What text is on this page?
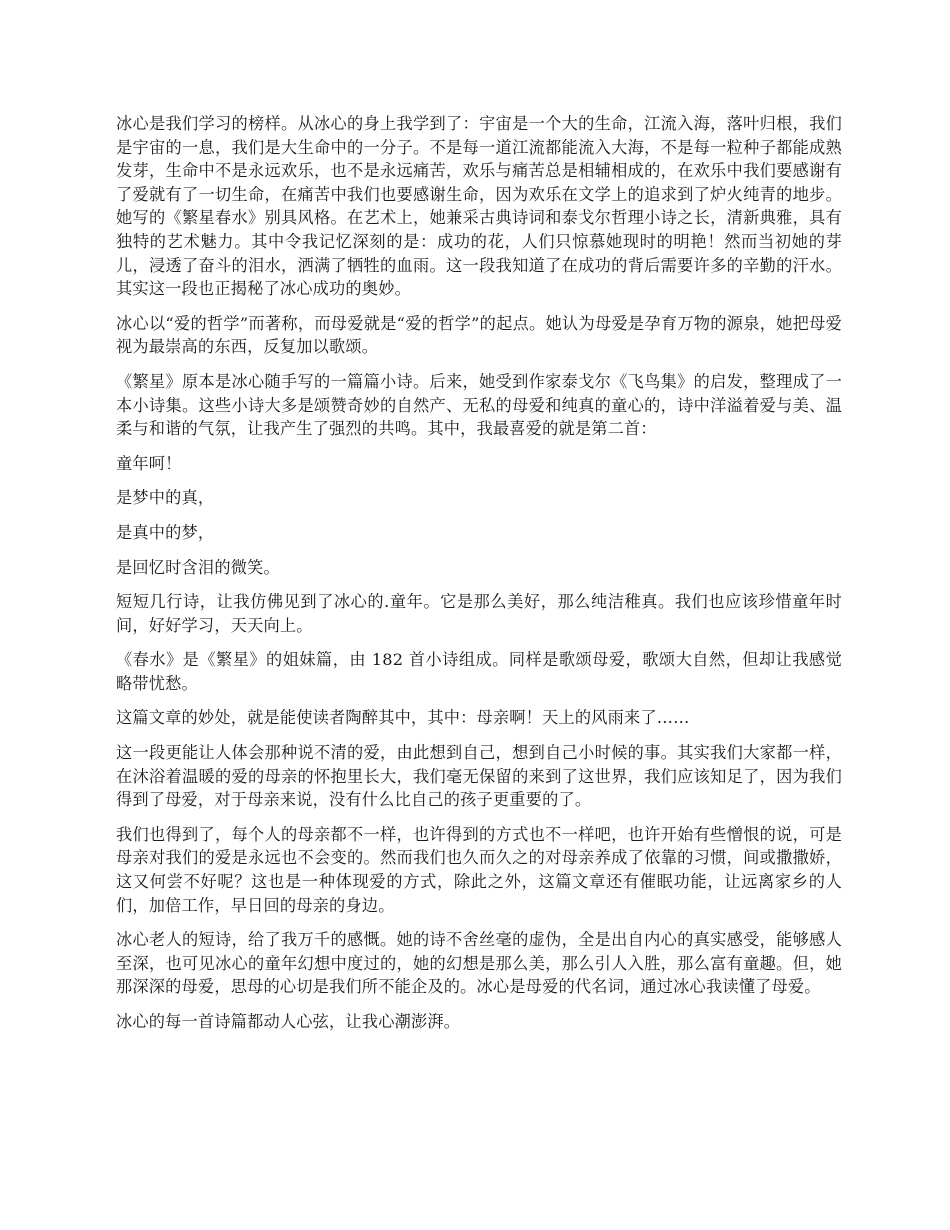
冰心是我们学习的榜样。从冰心的身上我学到了：宇宙是一个大的生命，江流入海，落叶归根，我们是宇宙的一息，我们是大生命中的一分子。不是每一道江流都能流入大海，不是每一粒种子都能成熟发芽，生命中不是永远欢乐，也不是永远痛苦，欢乐与痛苦总是相辅相成的，在欢乐中我们要感谢有了爱就有了一切生命，在痛苦中我们也要感谢生命，因为欢乐在文学上的追求到了炉火纯青的地步。她写的《繁星春水》别具风格。在艺术上，她兼采古典诗词和泰戈尔哲理小诗之长，清新典雅，具有独特的艺术魅力。其中令我记忆深刻的是：成功的花，人们只惊慕她现时的明艳！然而当初她的芽儿，浸透了奋斗的泪水，洒满了牺牲的血雨。这一段我知道了在成功的背后需要许多的辛勤的汗水。其实这一段也正揭秘了冰心成功的奥妙。

冰心以“爱的哲学”而著称，而母爱就是“爱的哲学”的起点。她认为母爱是孕育万物的源泉，她把母爱视为最崇高的东西，反复加以歌颂。

《繁星》原本是冰心随手写的一篇篇小诗。后来，她受到作家泰戈尔《飞鸟集》的启发，整理成了一本小诗集。这些小诗大多是颂赞奇妙的自然产、无私的母爱和纯真的童心的，诗中洋溢着爱与美、温柔与和谐的气氛，让我产生了强烈的共鸣。其中，我最喜爱的就是第二首：

童年呵！

是梦中的真，

是真中的梦，

是回忆时含泪的微笑。

短短几行诗，让我仿佛见到了冰心的.童年。它是那么美好，那么纯洁稚真。我们也应该珍惜童年时间，好好学习，天天向上。

《春水》是《繁星》的姐妹篇，由 182 首小诗组成。同样是歌颂母爱，歌颂大自然，但却让我感觉略带忧愁。

这篇文章的妙处，就是能使读者陶醉其中，其中：母亲啊！天上的风雨来了……

这一段更能让人体会那种说不清的爱，由此想到自己，想到自己小时候的事。其实我们大家都一样，在沐浴着温暖的爱的母亲的怀抱里长大，我们毫无保留的来到了这世界，我们应该知足了，因为我们得到了母爱，对于母亲来说，没有什么比自己的孩子更重要的了。

我们也得到了，每个人的母亲都不一样，也许得到的方式也不一样吧，也许开始有些憎恨的说，可是母亲对我们的爱是永远也不会变的。然而我们也久而久之的对母亲养成了依靠的习惯，间或撒撒娇，这又何尝不好呢？这也是一种体现爱的方式，除此之外，这篇文章还有催眠功能，让远离家乡的人们，加倍工作，早日回的母亲的身边。

冰心老人的短诗，给了我万千的感慨。她的诗不舍丝毫的虚伪，全是出自内心的真实感受，能够感人至深，也可见冰心的童年幻想中度过的，她的幻想是那么美，那么引人入胜，那么富有童趣。但，她那深深的母爱，思母的心切是我们所不能企及的。冰心是母爱的代名词，通过冰心我读懂了母爱。

冰心的每一首诗篇都动人心弦，让我心潮澎湃。
